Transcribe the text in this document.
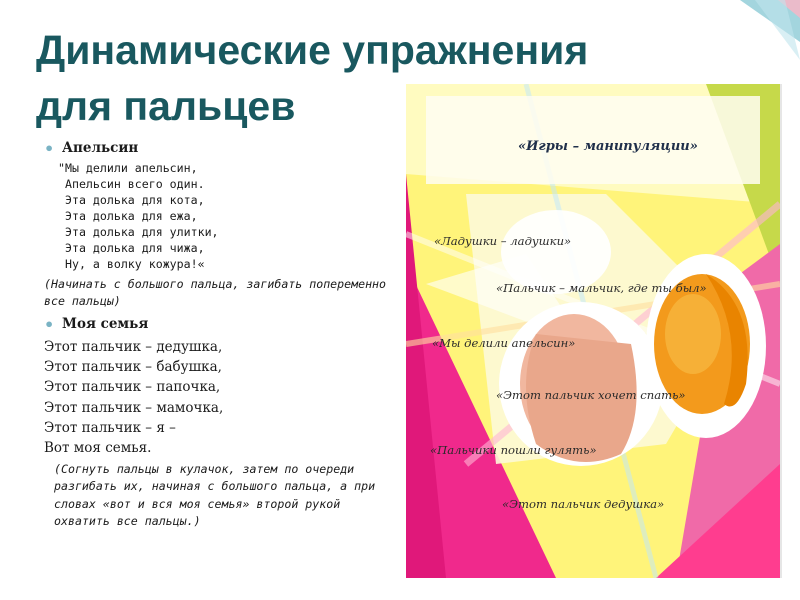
Динамические упражнения
для пальцев

• Апельсин

"Мы делили апельсин,
Апельсин всего один.
Эта долька для кота,
Эта долька для ежа,
Эта долька для улитки,
Эта долька для чижа,
Ну, а волку кожура!«

(Начинать с большого пальца, загибать попеременно все пальцы)

• Моя семья

Этот пальчик – дедушка,

Этот пальчик – бабушка,

Этот пальчик – папочка,

Этот пальчик – мамочка,

Этот пальчик – я –

Вот моя семья.

(Согнуть пальцы в кулачок, затем по очереди разгибать их, начиная с большого пальца, а при словах «вот и вся моя семья» второй рукой охватить все пальцы.)

«Игры – манипуляции»
«Ладушки – ладушки»
«Пальчик – мальчик, где ты был»
«Мы делили апельсин»
«Этот пальчик хочет спать»
«Пальчики пошли гулять»
«Этот пальчик дедушка»
